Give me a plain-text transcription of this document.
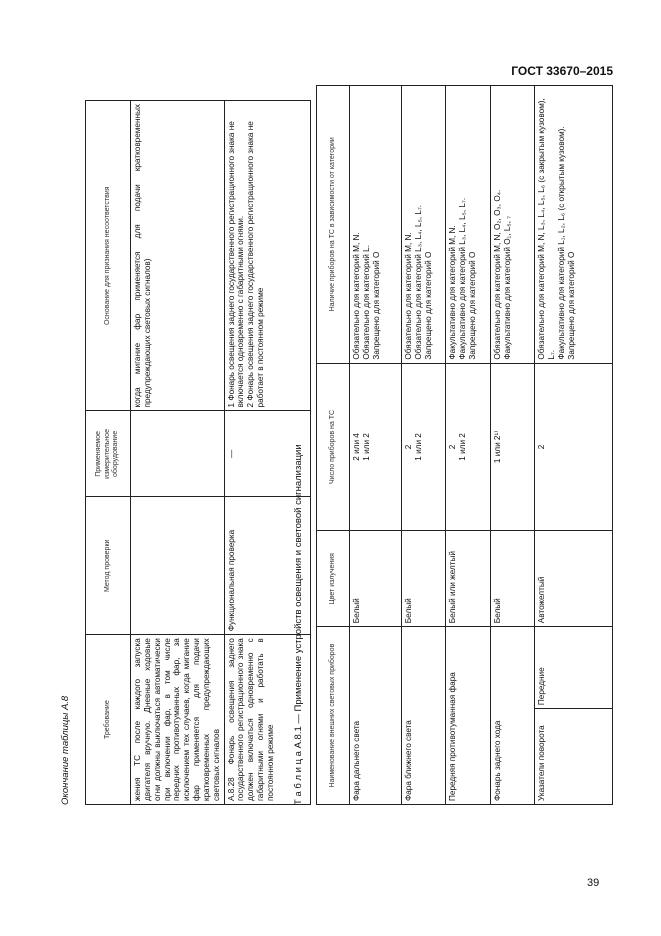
ГОСТ 33670–2015
Окончание таблицы А.8	Требование	Метод проверки	Применяемое измерительное оборудование	Основание для признания несоответствия
жения ТС после каждого запуска двигателя вручную. Дневные ходовые огни должны выключаться автоматически при включении фар, в том числе передних противотуманных фар, за исключением тех случаев, когда мигание фар применяется для подачи кратковременных предупреждающих световых сигналов			когда мигание фар применяется для подачи кратковременных предупреждающих световых сигналов)
А.8.28 Фонарь освещения заднего государственного регистрационного знака должен включаться одновременно с габаритными огнями и работать в постоянном режиме	Функциональная проверка	—	1 Фонарь освещения заднего государственного регистрационного знака не включается одновременно с габаритными огнями.
2 Фонарь освещения заднего государственного регистрационного знака не работает в постоянном режиме
Т а б л и ц а А.8.1 — Применение устройств освещения и световой сигнализации	Наименование внешних световых приборов		Цвет излучения	Число приборов на ТС	Наличие приборов на ТС в зависимости от категории
Фара дальнего света		Белый	2 или 4
1 или 2	Обязательно для категорий M, N.
Обязательно для категорий L.
Запрещено для категорий O
Фара ближнего света		Белый	2
1 или 2	Обязательно для категорий M, N.
Обязательно для категорий L₃, L₄, L₅, L₇.
Запрещено для категорий O
Передняя противотуманная фара		Белый или желтый	2
1 или 2	Факультативно для категорий M, N.
Факультативно для категорий L₃, L₄, L₅, L₇.
Запрещено для категорий O
Фонарь заднего хода		Белый	1 или 2¹⁾	Обязательно для категорий M, N, O₂, O₃, O₄.
Факультативно для категорий O₁, L₅, ₇
Указатели поворота	Передние	Автожелтый	2	Обязательно для категорий M, N, L₃, L₄, L₅, L₆ (с закрытым кузовом), L₇.
Факультативно для категорий L₁, L₂, L₆ (с открытым кузовом).
Запрещено для категорий O
39
